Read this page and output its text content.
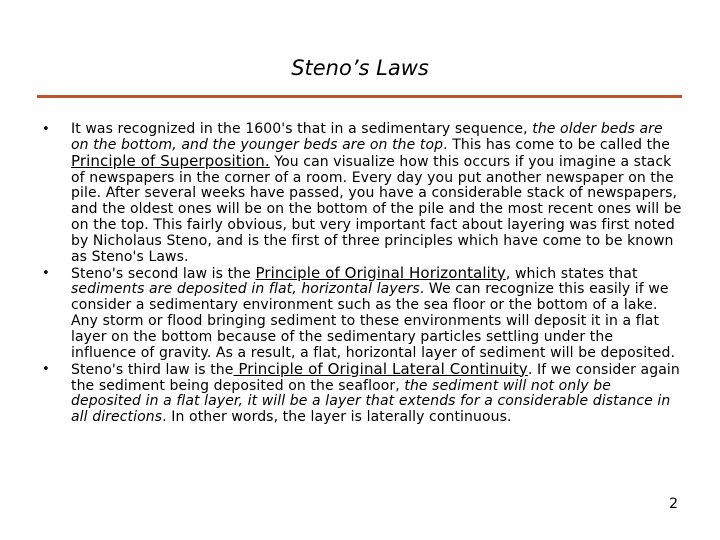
Steno’s Laws
• It was recognized in the 1600's that in a sedimentary sequence, the older beds are on the bottom, and the younger beds are on the top. This has come to be called the Principle of Superposition. You can visualize how this occurs if you imagine a stack of newspapers in the corner of a room. Every day you put another newspaper on the pile. After several weeks have passed, you have a considerable stack of newspapers, and the oldest ones will be on the bottom of the pile and the most recent ones will be on the top. This fairly obvious, but very important fact about layering was first noted by Nicholaus Steno, and is the first of three principles which have come to be known as Steno's Laws.
• Steno's second law is the Principle of Original Horizontality, which states that sediments are deposited in flat, horizontal layers. We can recognize this easily if we consider a sedimentary environment such as the sea floor or the bottom of a lake. Any storm or flood bringing sediment to these environments will deposit it in a flat layer on the bottom because of the sedimentary particles settling under the influence of gravity. As a result, a flat, horizontal layer of sediment will be deposited.
• Steno's third law is the Principle of Original Lateral Continuity. If we consider again the sediment being deposited on the seafloor, the sediment will not only be deposited in a flat layer, it will be a layer that extends for a considerable distance in all directions. In other words, the layer is laterally continuous.
2
